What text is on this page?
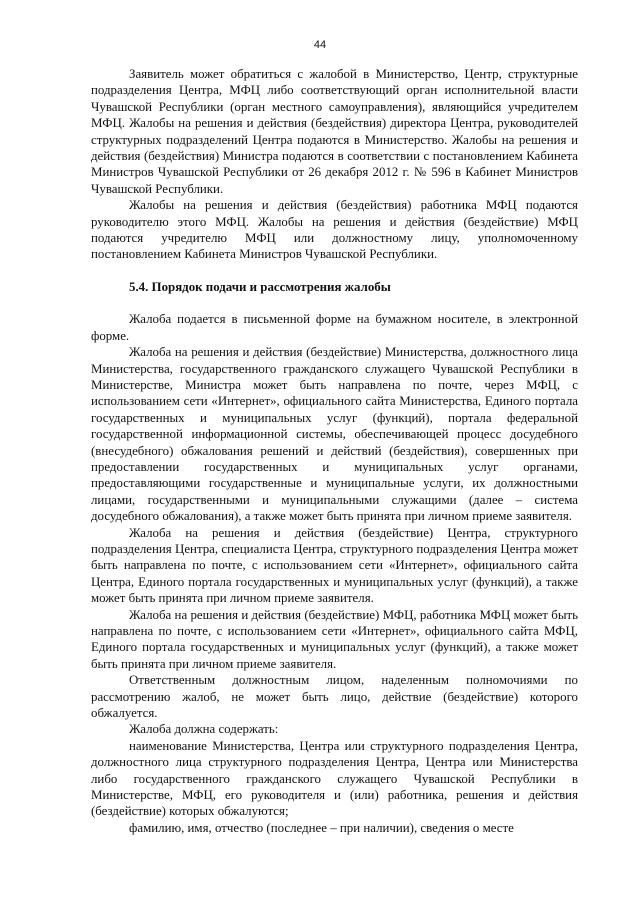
44

Заявитель может обратиться с жалобой в Министерство, Центр, структурные подразделения Центра, МФЦ либо соответствующий орган исполнительной власти Чувашской Республики (орган местного самоуправления), являющийся учредителем МФЦ. Жалобы на решения и действия (бездействия) директора Центра, руководителей структурных подразделений Центра подаются в Министерство. Жалобы на решения и действия (бездействия) Министра подаются в соответствии с постановлением Кабинета Министров Чувашской Республики от 26 декабря 2012 г. № 596 в Кабинет Министров Чувашской Республики.

Жалобы на решения и действия (бездействия) работника МФЦ подаются руководителю этого МФЦ. Жалобы на решения и действия (бездействие) МФЦ подаются учредителю МФЦ или должностному лицу, уполномоченному постановлением Кабинета Министров Чувашской Республики.

5.4. Порядок подачи и рассмотрения жалобы

Жалоба подается в письменной форме на бумажном носителе, в электронной форме.

Жалоба на решения и действия (бездействие) Министерства, должностного лица Министерства, государственного гражданского служащего Чувашской Республики в Министерстве, Министра может быть направлена по почте, через МФЦ, с использованием сети «Интернет», официального сайта Министерства, Единого портала государственных и муниципальных услуг (функций), портала федеральной государственной информационной системы, обеспечивающей процесс досудебного (внесудебного) обжалования решений и действий (бездействия), совершенных при предоставлении государственных и муниципальных услуг органами, предоставляющими государственные и муниципальные услуги, их должностными лицами, государственными и муниципальными служащими (далее – система досудебного обжалования), а также может быть принята при личном приеме заявителя.

Жалоба на решения и действия (бездействие) Центра, структурного подразделения Центра, специалиста Центра, структурного подразделения Центра может быть направлена по почте, с использованием сети «Интернет», официального сайта Центра, Единого портала государственных и муниципальных услуг (функций), а также может быть принята при личном приеме заявителя.

Жалоба на решения и действия (бездействие) МФЦ, работника МФЦ может быть направлена по почте, с использованием сети «Интернет», официального сайта МФЦ, Единого портала государственных и муниципальных услуг (функций), а также может быть принята при личном приеме заявителя.

Ответственным должностным лицом, наделенным полномочиями по рассмотрению жалоб, не может быть лицо, действие (бездействие) которого обжалуется.

Жалоба должна содержать:

наименование Министерства, Центра или структурного подразделения Центра, должностного лица структурного подразделения Центра, Центра или Министерства либо государственного гражданского служащего Чувашской Республики в Министерстве, МФЦ, его руководителя и (или) работника, решения и действия (бездействие) которых обжалуются;

фамилию, имя, отчество (последнее – при наличии), сведения о месте
